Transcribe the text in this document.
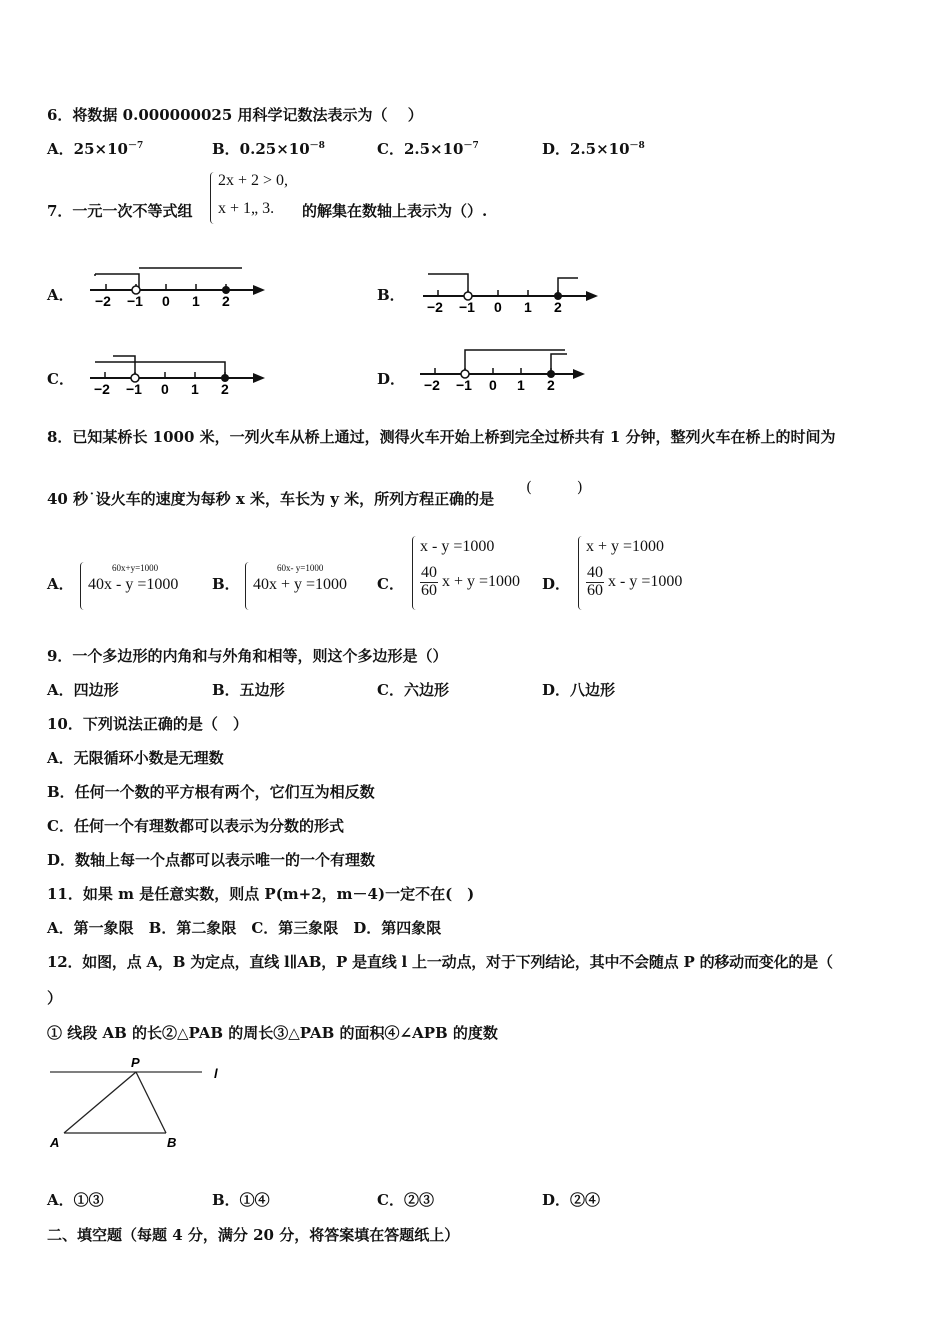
6．将数据 0.000000025 用科学记数法表示为（　 ）
A．$25\times 10^{-7}$	B．$0.25\times 10^{-8}$	C．$2.5\times 10^{-7}$	D．$2.5\times 10^{-8}$
7．一元一次不等式组
2x + 2 > 0,
x + 1„ 3. 的解集在数轴上表示为（）.
A． −2 −1 0 1 2	B．
−2 −1 0 1 2
C．
−2 −1 0 1 2
D． −2 −1 0 1 2
8．已知某桥长 1000 米，一列火车从桥上通过，测得火车开始上桥到完全过桥共有 1 分钟，整列火车在桥上的时间为
40 秒˙设火车的速度为每秒 x 米，车长为 y 米，所列方程正确的是
(　　　)
A．
60x+y=1000
40x - y =1000 B．
60x- y=1000
40x + y =1000 C．
x - y =1000
$\frac{40}{60}$ x + y =1000 D．
x + y =1000
$\frac{40}{60}$ x - y =1000
9．一个多边形的内角和与外角和相等，则这个多边形是（）
A．四边形	B．五边形	C．六边形	D．八边形
10．下列说法正确的是（　）
A．无限循环小数是无理数
B．任何一个数的平方根有两个，它们互为相反数
C．任何一个有理数都可以表示为分数的形式
D．数轴上每一个点都可以表示唯一的一个有理数
11．如果 m 是任意实数，则点 P(m+2，m－4)一定不在(　)
A．第一象限　B．第二象限　C．第三象限　D．第四象限
12．如图，点 A，B 为定点，直线 l∥AB，P 是直线 l 上一动点，对于下列结论，其中不会随点 P 的移动而变化的是（
）
① 线段 AB 的长②△PAB 的周长③△PAB 的面积④∠APB 的度数
P
l
A	B
A．①③	B．①④	C．②③	D．②④
二、填空题（每题 4 分，满分 20 分，将答案填在答题纸上）
